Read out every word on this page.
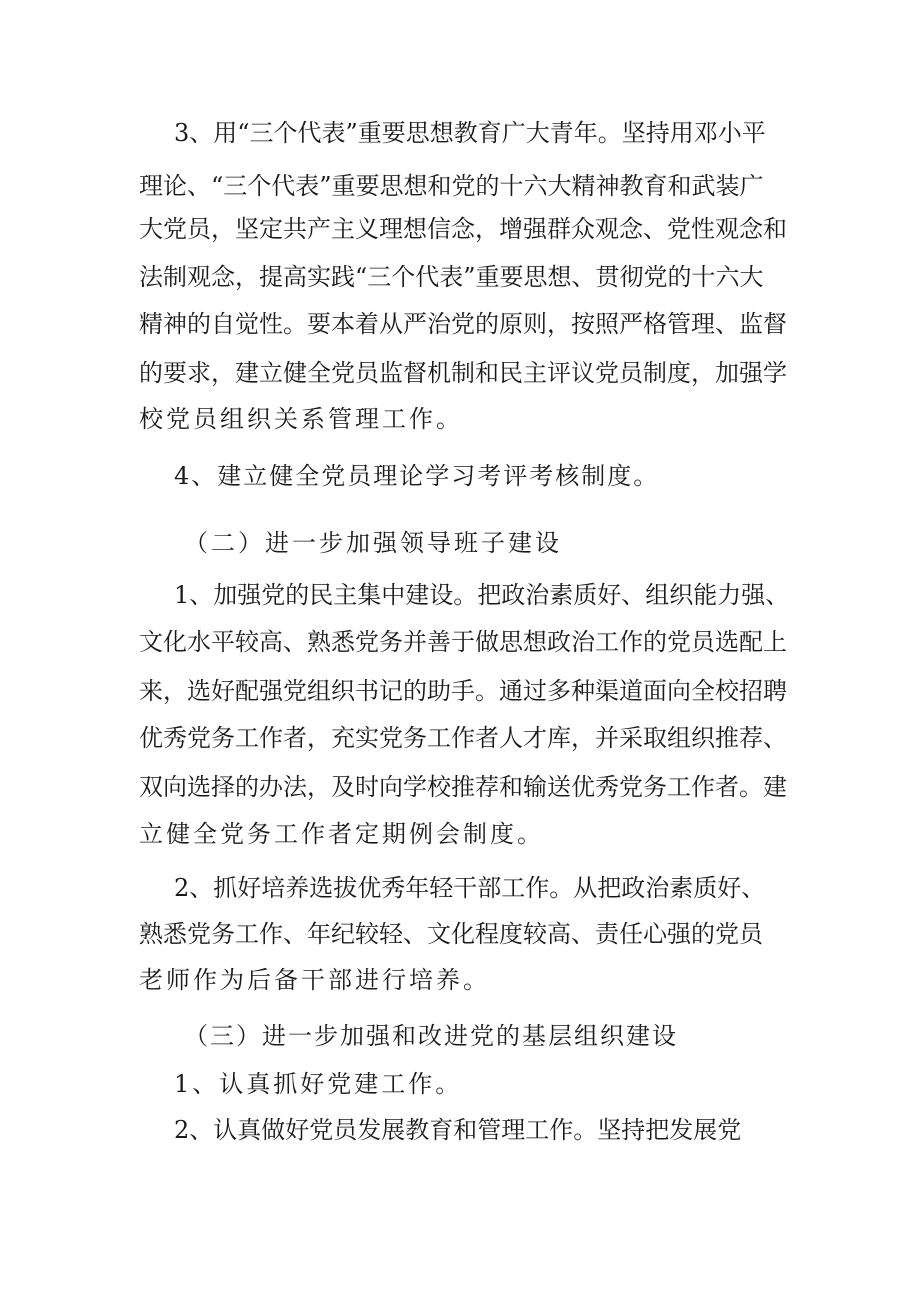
3、用“三个代表”重要思想教育广大青年。坚持用邓小平
理论、“三个代表”重要思想和党的十六大精神教育和武装广
大党员，坚定共产主义理想信念，增强群众观念、党性观念和
法制观念，提高实践“三个代表”重要思想、贯彻党的十六大
精神的自觉性。要本着从严治党的原则，按照严格管理、监督
的要求，建立健全党员监督机制和民主评议党员制度，加强学
校党员组织关系管理工作。
4、建立健全党员理论学习考评考核制度。
（二）进一步加强领导班子建设
1、加强党的民主集中建设。把政治素质好、组织能力强、
文化水平较高、熟悉党务并善于做思想政治工作的党员选配上
来，选好配强党组织书记的助手。通过多种渠道面向全校招聘
优秀党务工作者，充实党务工作者人才库，并采取组织推荐、
双向选择的办法，及时向学校推荐和输送优秀党务工作者。建
立健全党务工作者定期例会制度。
2、抓好培养选拔优秀年轻干部工作。从把政治素质好、
熟悉党务工作、年纪较轻、文化程度较高、责任心强的党员
老师作为后备干部进行培养。
（三）进一步加强和改进党的基层组织建设
1、认真抓好党建工作。
2、认真做好党员发展教育和管理工作。坚持把发展党
